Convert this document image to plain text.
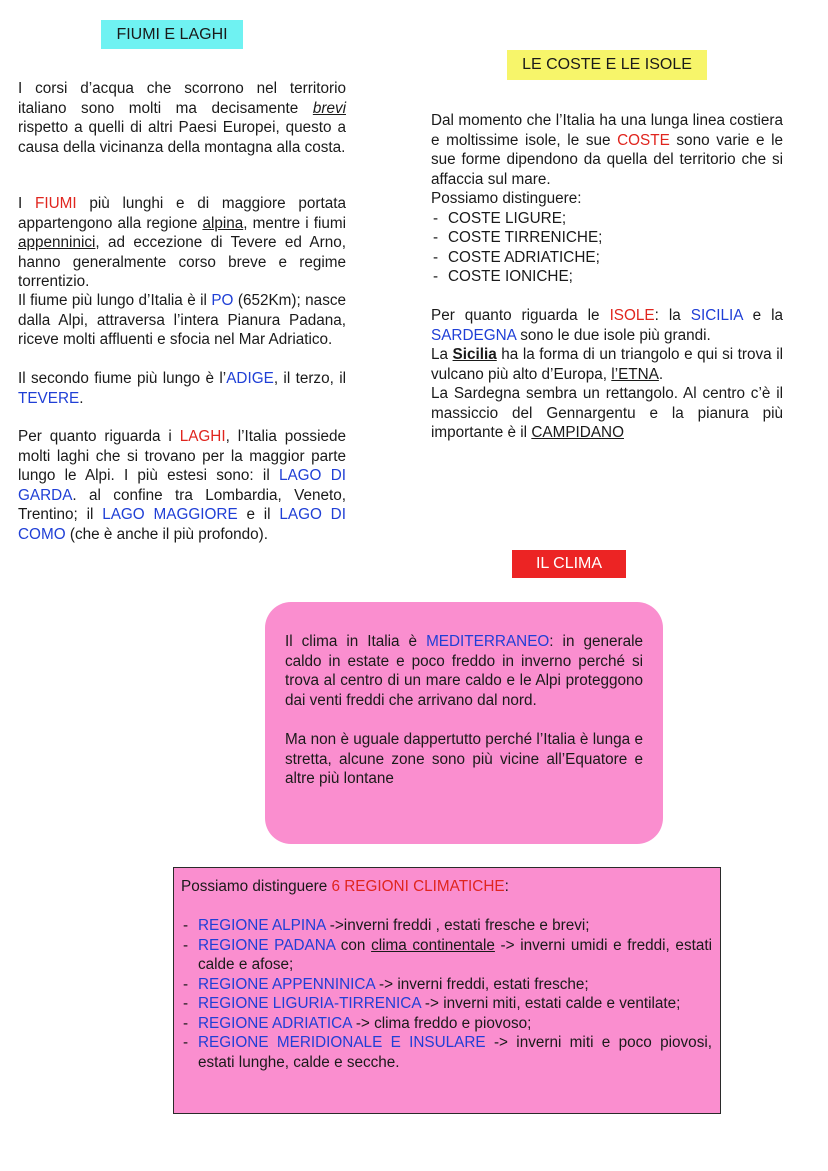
FIUMI E LAGHI
LE COSTE E LE ISOLE
IL CLIMA

I corsi d’acqua che scorrono nel territorio italiano sono molti ma decisamente brevi rispetto a quelli di altri Paesi Europei, questo a causa della vicinanza della montagna alla costa.

I FIUMI più lunghi e di maggiore portata appartengono alla regione alpina, mentre i fiumi appenninici, ad eccezione di Tevere ed Arno, hanno generalmente corso breve e regime torrentizio.

Il fiume più lungo d’Italia è il PO (652Km); nasce dalla Alpi, attraversa l’intera Pianura Padana, riceve molti affluenti e sfocia nel Mar Adriatico.

Il secondo fiume più lungo è l’ADIGE, il terzo, il TEVERE.

Per quanto riguarda i LAGHI, l’Italia possiede molti laghi che si trovano per la maggior parte lungo le Alpi. I più estesi sono: il LAGO DI GARDA. al confine tra Lombardia, Veneto, Trentino; il LAGO MAGGIORE e il LAGO DI COMO (che è anche il più profondo).

Dal momento che l’Italia ha una lunga linea costiera e moltissime isole, le sue COSTE sono varie e le sue forme dipendono da quella del territorio che si affaccia sul mare.
Possiamo distinguere:
- COSTE LIGURE;
- COSTE TIRRENICHE;
- COSTE ADRIATICHE;
- COSTE IONICHE;

Per quanto riguarda le ISOLE: la SICILIA e la SARDEGNA sono le due isole più grandi.

La Sicilia ha la forma di un triangolo e qui si trova il vulcano più alto d’Europa, l’ETNA.

La Sardegna sembra un rettangolo. Al centro c’è il massiccio del Gennargentu e la pianura più importante è il CAMPIDANO

Il clima in Italia è MEDITERRANEO: in generale caldo in estate e poco freddo in inverno perché si trova al centro di un mare caldo e le Alpi proteggono dai venti freddi che arrivano dal nord.

Ma non è uguale dappertutto perché l’Italia è lunga e stretta, alcune zone sono più vicine all’Equatore e altre più lontane

Possiamo distinguere 6 REGIONI CLIMATICHE:
- REGIONE ALPINA ->inverni freddi , estati fresche e brevi;
- REGIONE PADANA con clima continentale -> inverni umidi e freddi, estati calde e afose;
- REGIONE APPENNINICA -> inverni freddi, estati fresche;
- REGIONE LIGURIA-TIRRENICA -> inverni miti, estati calde e ventilate;
- REGIONE ADRIATICA -> clima freddo e piovoso;
- REGIONE MERIDIONALE E INSULARE -> inverni miti e poco piovosi, estati lunghe, calde e secche.
